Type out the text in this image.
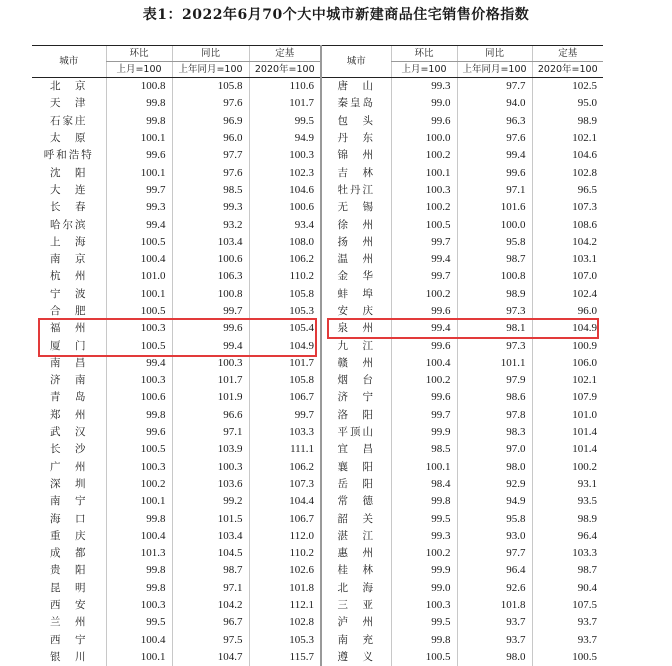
表1：2022年6月70个大中城市新建商品住宅销售价格指数
城市	环比	同比	定基	城市	环比	同比	定基
	上月=100	上年同月=100	2020年=100		上月=100	上年同月=100	2020年=100
北　京	100.8	105.8	110.6	唐　山	99.3	97.7	102.5
天　津	99.8	97.6	101.7	秦皇岛	99.0	94.0	95.0
石家庄	99.8	96.9	99.5	包　头	99.6	96.3	98.9
太　原	100.1	96.0	94.9	丹　东	100.0	97.6	102.1
呼和浩特	99.6	97.7	100.3	锦　州	100.2	99.4	104.6
沈　阳	100.1	97.6	102.3	吉　林	100.1	99.6	102.8
大　连	99.7	98.5	104.6	牡丹江	100.3	97.1	96.5
长　春	99.3	99.3	100.6	无　锡	100.2	101.6	107.3
哈尔滨	99.4	93.2	93.4	徐　州	100.5	100.0	108.6
上　海	100.5	103.4	108.0	扬　州	99.7	95.8	104.2
南　京	100.4	100.6	106.2	温　州	99.4	98.7	103.1
杭　州	101.0	106.3	110.2	金　华	99.7	100.8	107.0
宁　波	100.1	100.8	105.8	蚌　埠	100.2	98.9	102.4
合　肥	100.5	99.7	105.3	安　庆	99.6	97.3	96.0
福　州	100.3	99.6	105.4	泉　州	99.4	98.1	104.9
厦　门	100.5	99.4	104.9	九　江	99.6	97.3	100.9
南　昌	99.4	100.3	101.7	赣　州	100.4	101.1	106.0
济　南	100.3	101.7	105.8	烟　台	100.2	97.9	102.1
青　岛	100.6	101.9	106.7	济　宁	99.6	98.6	107.9
郑　州	99.8	96.6	99.7	洛　阳	99.7	97.8	101.0
武　汉	99.6	97.1	103.3	平顶山	99.9	98.3	101.4
长　沙	100.5	103.9	111.1	宜　昌	98.5	97.0	101.4
广　州	100.3	100.3	106.2	襄　阳	100.1	98.0	100.2
深　圳	100.2	103.6	107.3	岳　阳	98.4	92.9	93.1
南　宁	100.1	99.2	104.4	常　德	99.8	94.9	93.5
海　口	99.8	101.5	106.7	韶　关	99.5	95.8	98.9
重　庆	100.4	103.4	112.0	湛　江	99.3	93.0	96.4
成　都	101.3	104.5	110.2	惠　州	100.2	97.7	103.3
贵　阳	99.8	98.7	102.6	桂　林	99.9	96.4	98.7
昆　明	99.8	97.1	101.8	北　海	99.0	92.6	90.4
西　安	100.3	104.2	112.1	三　亚	100.3	101.8	107.5
兰　州	99.5	96.7	102.8	泸　州	99.5	93.7	93.7
西　宁	100.4	97.5	105.3	南　充	99.8	93.7	93.7
银　川	100.1	104.7	115.7	遵　义	100.5	98.0	100.5
